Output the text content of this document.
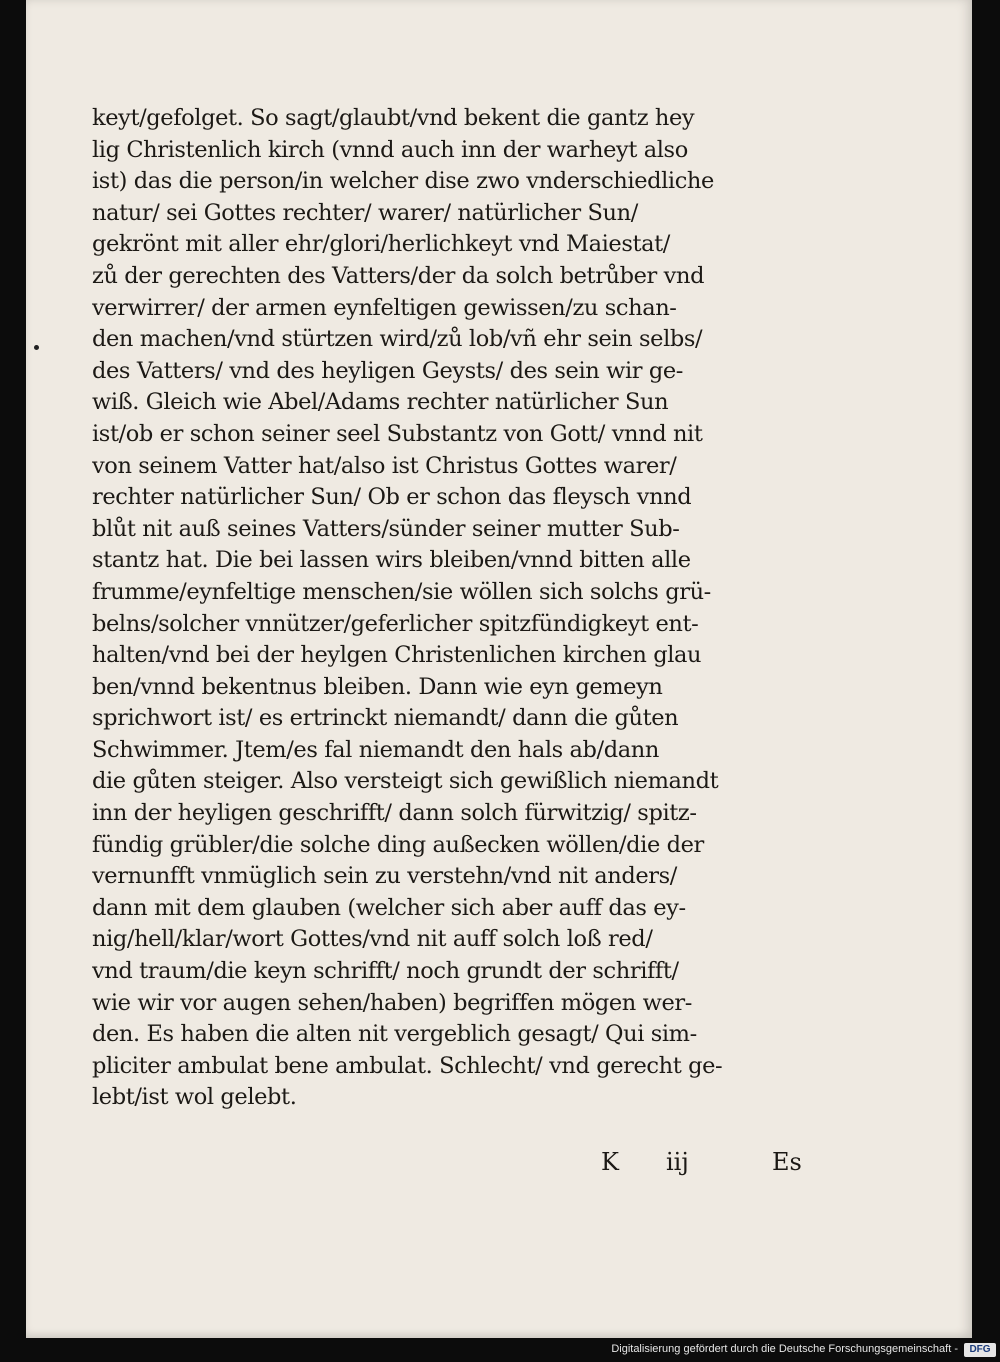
keyt/gefolget. So sagt/glaubt/vnd bekent die gantz hey
lig Christenlich kirch (vnnd auch inn der warheyt also
ist) das die person/in welcher dise zwo vnderschiedliche
natur/ sei Gottes rechter/ warer/ natürlicher Sun/
gekrönt mit aller ehr/glori/herlichkeyt vnd Maiestat/
zů der gerechten des Vatters/der da solch betrůber vnd
verwirrer/ der armen eynfeltigen gewissen/zu schan-
den machen/vnd stürtzen wird/zů lob/vñ ehr sein selbs/
des Vatters/ vnd des heyligen Geysts/ des sein wir ge-
wiß. Gleich wie Abel/Adams rechter natürlicher Sun
ist/ob er schon seiner seel Substantz von Gott/ vnnd nit
von seinem Vatter hat/also ist Christus Gottes warer/
rechter natürlicher Sun/ Ob er schon das fleysch vnnd
blůt nit auß seines Vatters/sünder seiner mutter Sub-
stantz hat. Die bei lassen wirs bleiben/vnnd bitten alle
frumme/eynfeltige menschen/sie wöllen sich solchs grü-
belns/solcher vnnützer/geferlicher spitzfündigkeyt ent-
halten/vnd bei der heylgen Christenlichen kirchen glau
ben/vnnd bekentnus bleiben. Dann wie eyn gemeyn
sprichwort ist/ es ertrinckt niemandt/ dann die gůten
Schwimmer. Jtem/es fal niemandt den hals ab/dann
die gůten steiger. Also versteigt sich gewißlich niemandt
inn der heyligen geschrifft/ dann solch fürwitzig/ spitz-
fündig grübler/die solche ding außecken wöllen/die der
vernunfft vnmüglich sein zu verstehn/vnd nit anders/
dann mit dem glauben (welcher sich aber auff das ey-
nig/hell/klar/wort Gottes/vnd nit auff solch loß red/
vnd traum/die keyn schrifft/ noch grundt der schrifft/
wie wir vor augen sehen/haben) begriffen mögen wer-
den. Es haben die alten nit vergeblich gesagt/ Qui sim-
pliciter ambulat bene ambulat. Schlecht/ vnd gerecht ge-
lebt/ist wol gelebt.
K iij	Es
Digitalisierung gefördert durch die Deutsche Forschungsgemeinschaft -	DFG
